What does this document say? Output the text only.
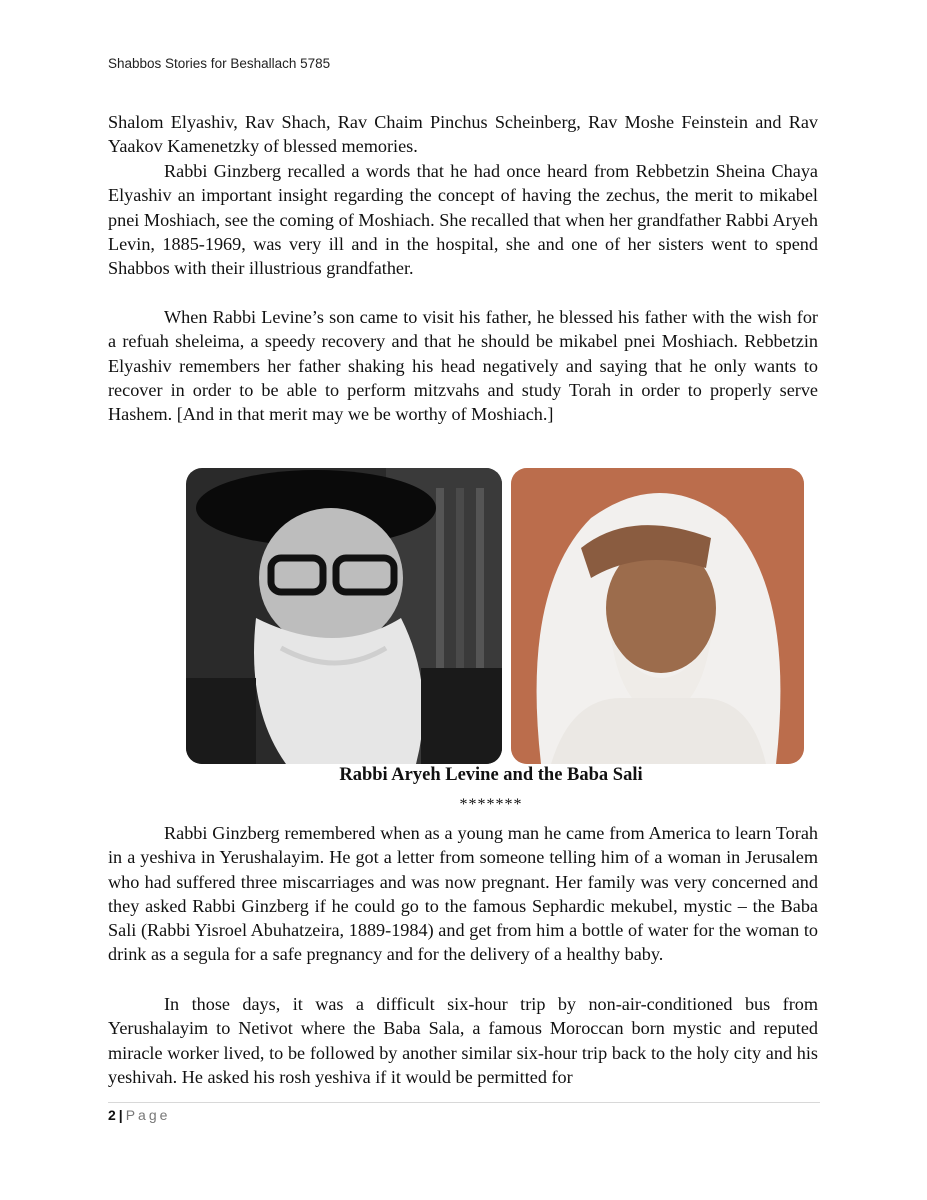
Shabbos Stories for Beshallach 5785

Shalom Elyashiv, Rav Shach, Rav Chaim Pinchus Scheinberg, Rav Moshe Feinstein and Rav Yaakov Kamenetzky of blessed memories.

Rabbi Ginzberg recalled a words that he had once heard from Rebbetzin Sheina Chaya Elyashiv an important insight regarding the concept of having the zechus, the merit to mikabel pnei Moshiach, see the coming of Moshiach. She recalled that when her grandfather Rabbi Aryeh Levin, 1885-1969, was very ill and in the hospital, she and one of her sisters went to spend Shabbos with their illustrious grandfather.

When Rabbi Levine’s son came to visit his father, he blessed his father with the wish for a refuah sheleima, a speedy recovery and that he should be mikabel pnei Moshiach. Rebbetzin Elyashiv remembers her father shaking his head negatively and saying that he only wants to recover in order to be able to perform mitzvahs and study Torah in order to properly serve Hashem. [And in that merit may we be worthy of Moshiach.]

Rabbi Aryeh Levine and the Baba Sali
*******

Rabbi Ginzberg remembered when as a young man he came from America to learn Torah in a yeshiva in Yerushalayim. He got a letter from someone telling him of a woman in Jerusalem who had suffered three miscarriages and was now pregnant. Her family was very concerned and they asked Rabbi Ginzberg if he could go to the famous Sephardic mekubel, mystic – the Baba Sali (Rabbi Yisroel Abuhatzeira, 1889-1984) and get from him a bottle of water for the woman to drink as a segula for a safe pregnancy and for the delivery of a healthy baby.

In those days, it was a difficult six-hour trip by non-air-conditioned bus from Yerushalayim to Netivot where the Baba Sala, a famous Moroccan born mystic and reputed miracle worker lived, to be followed by another similar six-hour trip back to the holy city and his yeshivah. He asked his rosh yeshiva if it would be permitted for

2 | Page
